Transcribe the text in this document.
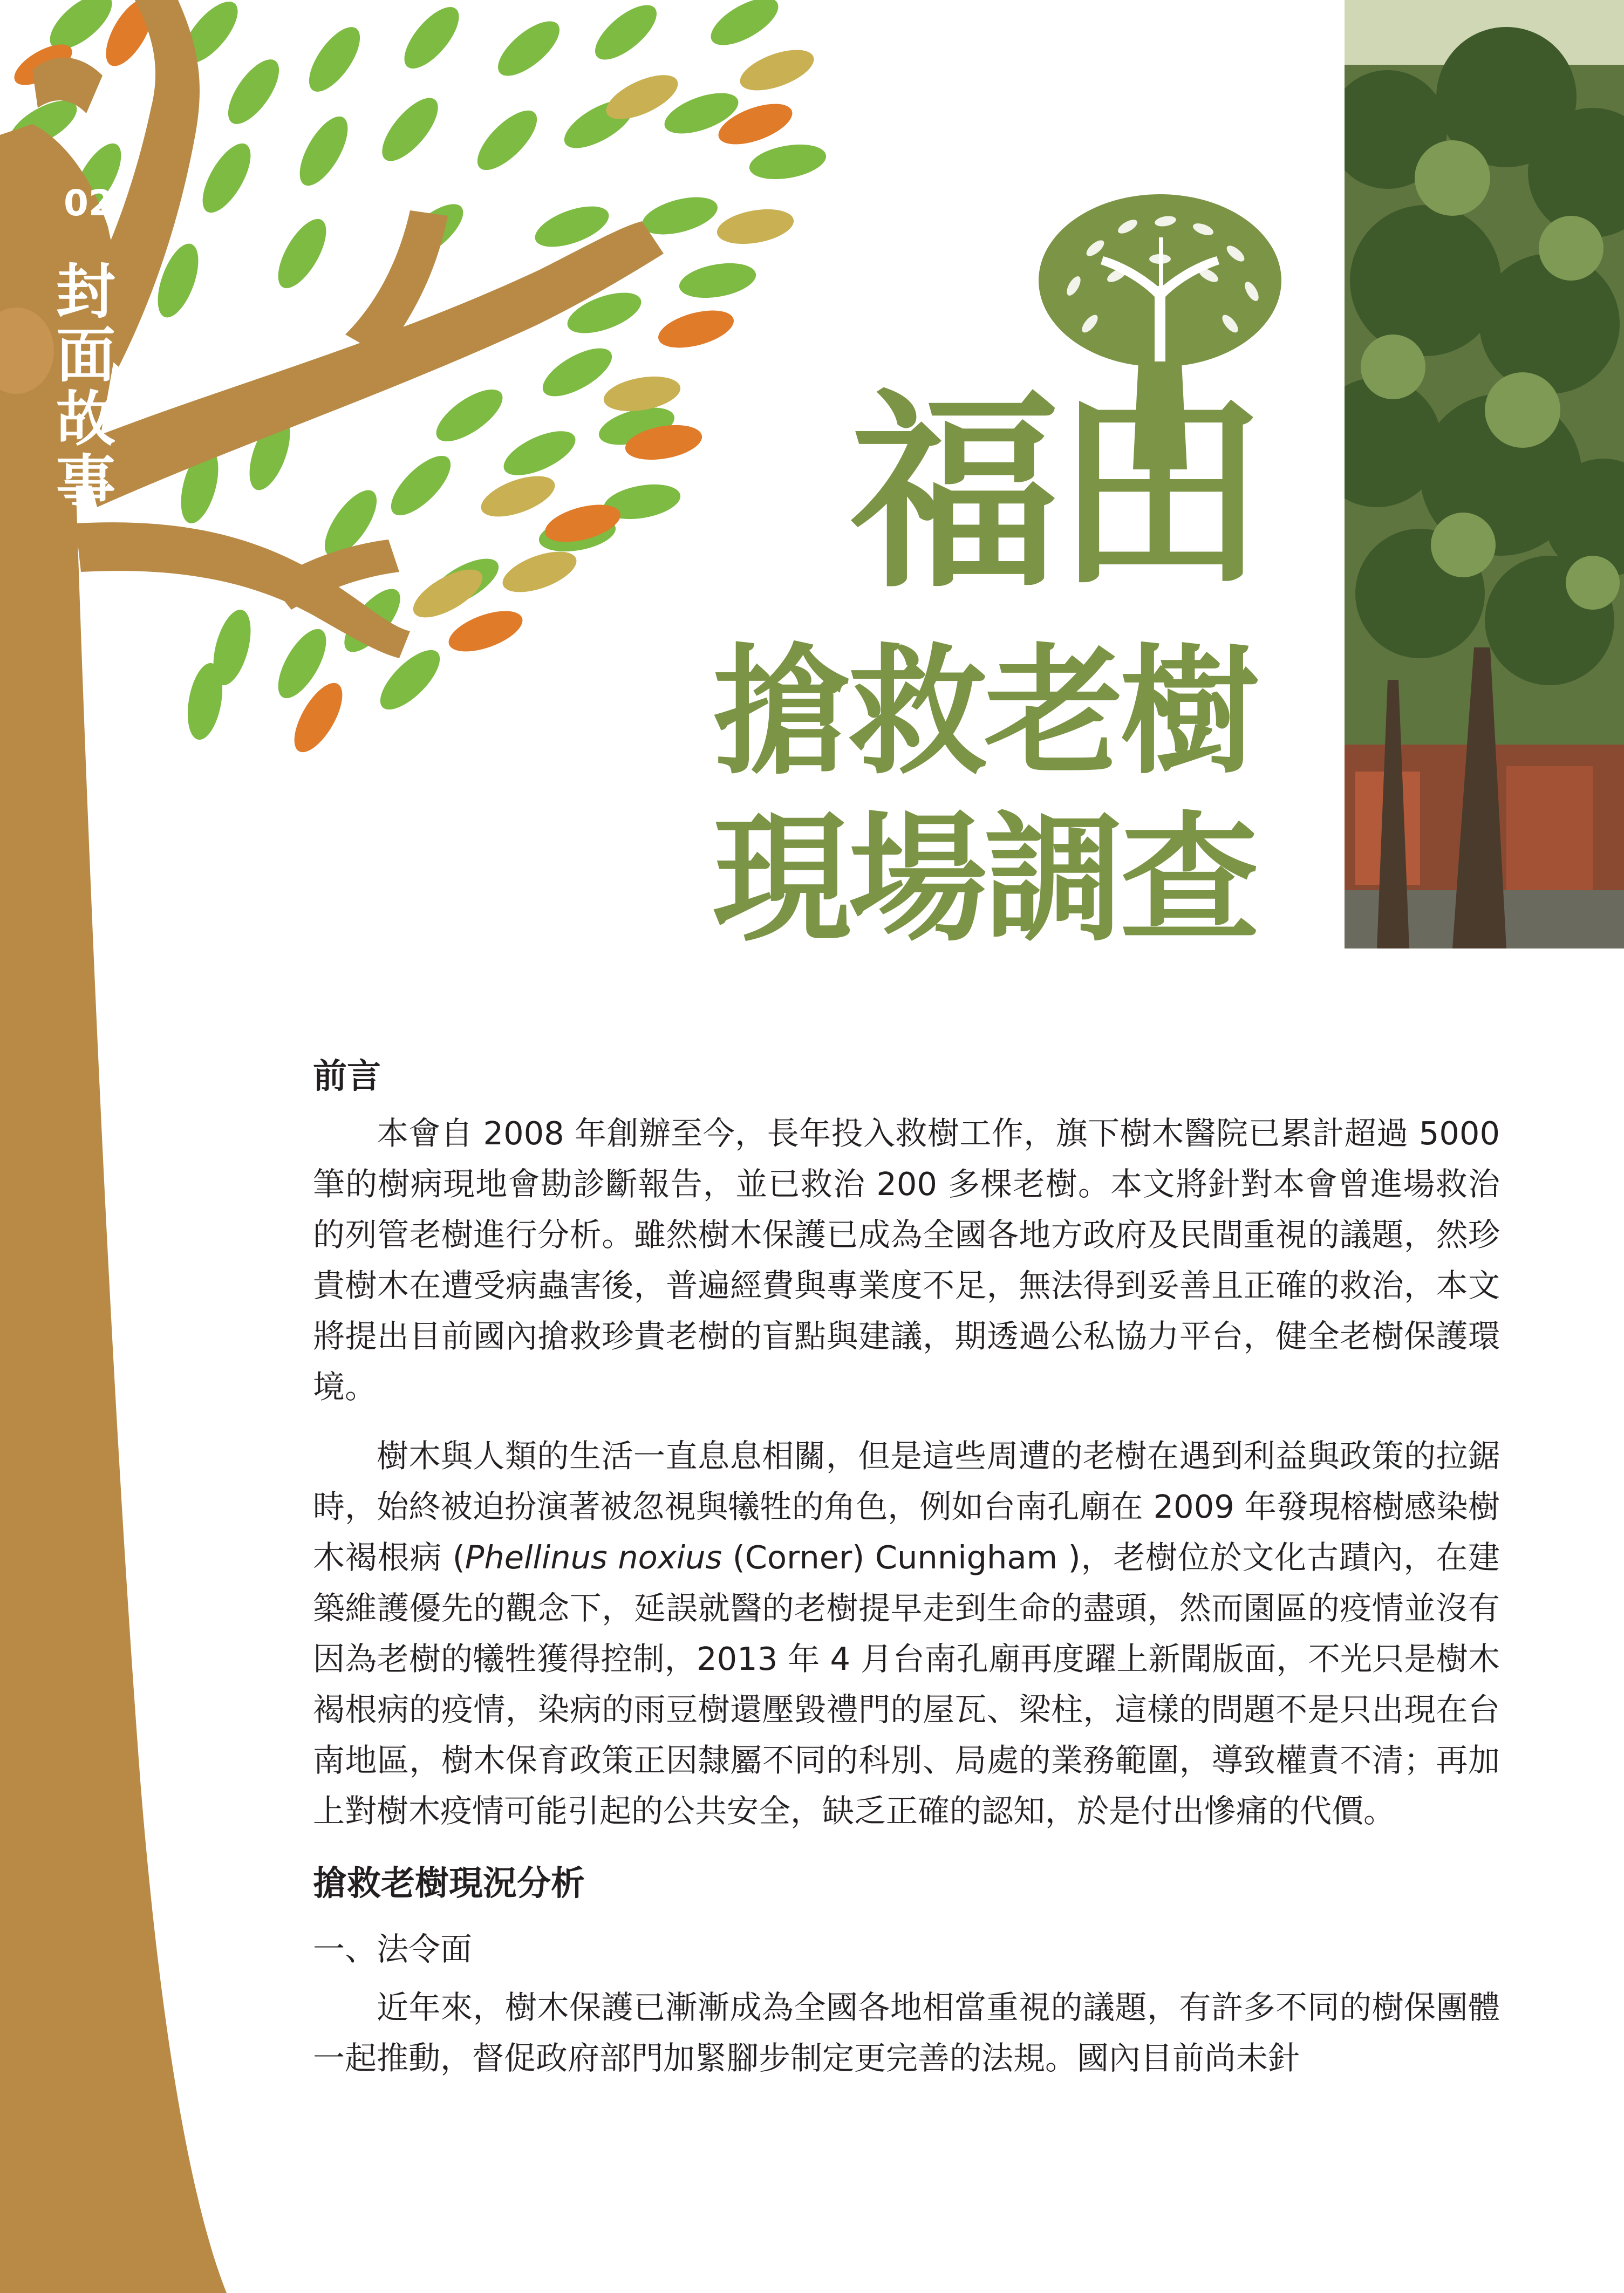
02
封面故事	福田
搶救老樹
現場調查
前言

本會自 2008 年創辦至今，長年投入救樹工作，旗下樹木醫院已累計超過 5000 筆的樹病現地會勘診斷報告，並已救治 200 多棵老樹。本文將針對本會曾進場救治的列管老樹進行分析。雖然樹木保護已成為全國各地方政府及民間重視的議題，然珍貴樹木在遭受病蟲害後，普遍經費與專業度不足，無法得到妥善且正確的救治，本文將提出目前國內搶救珍貴老樹的盲點與建議，期透過公私協力平台，健全老樹保護環境。

樹木與人類的生活一直息息相關，但是這些周遭的老樹在遇到利益與政策的拉鋸時，始終被迫扮演著被忽視與犧牲的角色，例如台南孔廟在 2009 年發現榕樹感染樹木褐根病 (Phellinus noxius (Corner) Cunnigham )，老樹位於文化古蹟內，在建築維護優先的觀念下，延誤就醫的老樹提早走到生命的盡頭，然而園區的疫情並沒有因為老樹的犧牲獲得控制，2013 年 4 月台南孔廟再度躍上新聞版面，不光只是樹木褐根病的疫情，染病的雨豆樹還壓毀禮門的屋瓦、梁柱，這樣的問題不是只出現在台南地區，樹木保育政策正因隸屬不同的科別、局處的業務範圍，導致權責不清；再加上對樹木疫情可能引起的公共安全，缺乏正確的認知，於是付出慘痛的代價。

搶救老樹現況分析
一、法令面

近年來，樹木保護已漸漸成為全國各地相當重視的議題，有許多不同的樹保團體一起推動，督促政府部門加緊腳步制定更完善的法規。國內目前尚未針
